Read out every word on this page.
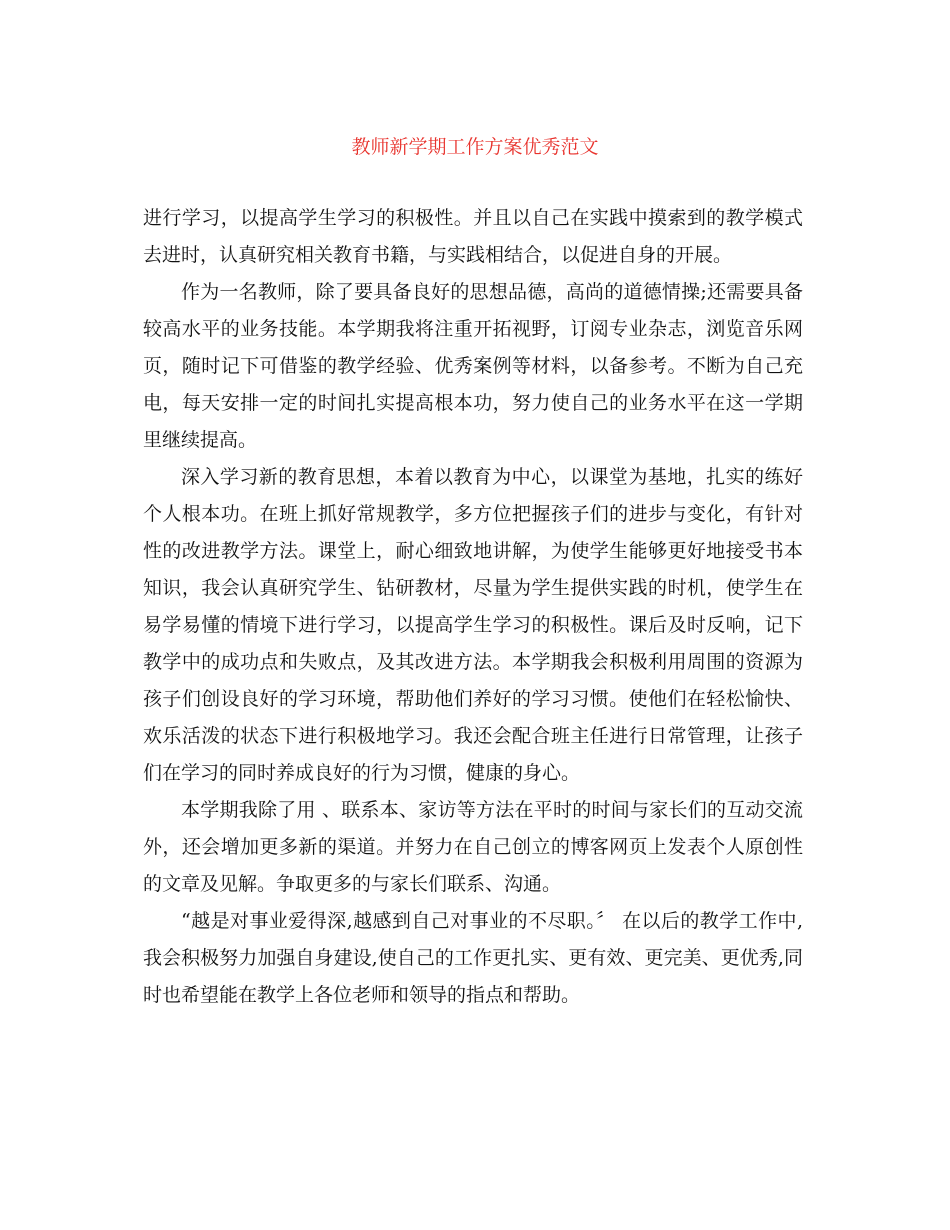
教师新学期工作方案优秀范文

进行学习，以提高学生学习的积极性。并且以自己在实践中摸索到的教学模式去进时，认真研究相关教育书籍，与实践相结合，以促进自身的开展。

作为一名教师，除了要具备良好的思想品德，高尚的道德情操;还需要具备较高水平的业务技能。本学期我将注重开拓视野，订阅专业杂志，浏览音乐网页，随时记下可借鉴的教学经验、优秀案例等材料，以备参考。不断为自己充电，每天安排一定的时间扎实提高根本功，努力使自己的业务水平在这一学期里继续提高。

深入学习新的教育思想，本着以教育为中心，以课堂为基地，扎实的练好个人根本功。在班上抓好常规教学，多方位把握孩子们的进步与变化，有针对性的改进教学方法。课堂上，耐心细致地讲解，为使学生能够更好地接受书本知识，我会认真研究学生、钻研教材，尽量为学生提供实践的时机，使学生在易学易懂的情境下进行学习，以提高学生学习的积极性。课后及时反响，记下教学中的成功点和失败点，及其改进方法。本学期我会积极利用周围的资源为孩子们创设良好的学习环境，帮助他们养好的学习习惯。使他们在轻松愉快、欢乐活泼的状态下进行积极地学习。我还会配合班主任进行日常管理，让孩子们在学习的同时养成良好的行为习惯，健康的身心。

本学期我除了用 、联系本、家访等方法在平时的时间与家长们的互动交流外，还会增加更多新的渠道。并努力在自己创立的博客网页上发表个人原创性的文章及见解。争取更多的与家长们联系、沟通。

“越是对事业爱得深,越感到自己对事业的不尽职。〞 在以后的教学工作中,我会积极努力加强自身建设,使自己的工作更扎实、更有效、更完美、更优秀,同时也希望能在教学上各位老师和领导的指点和帮助。
